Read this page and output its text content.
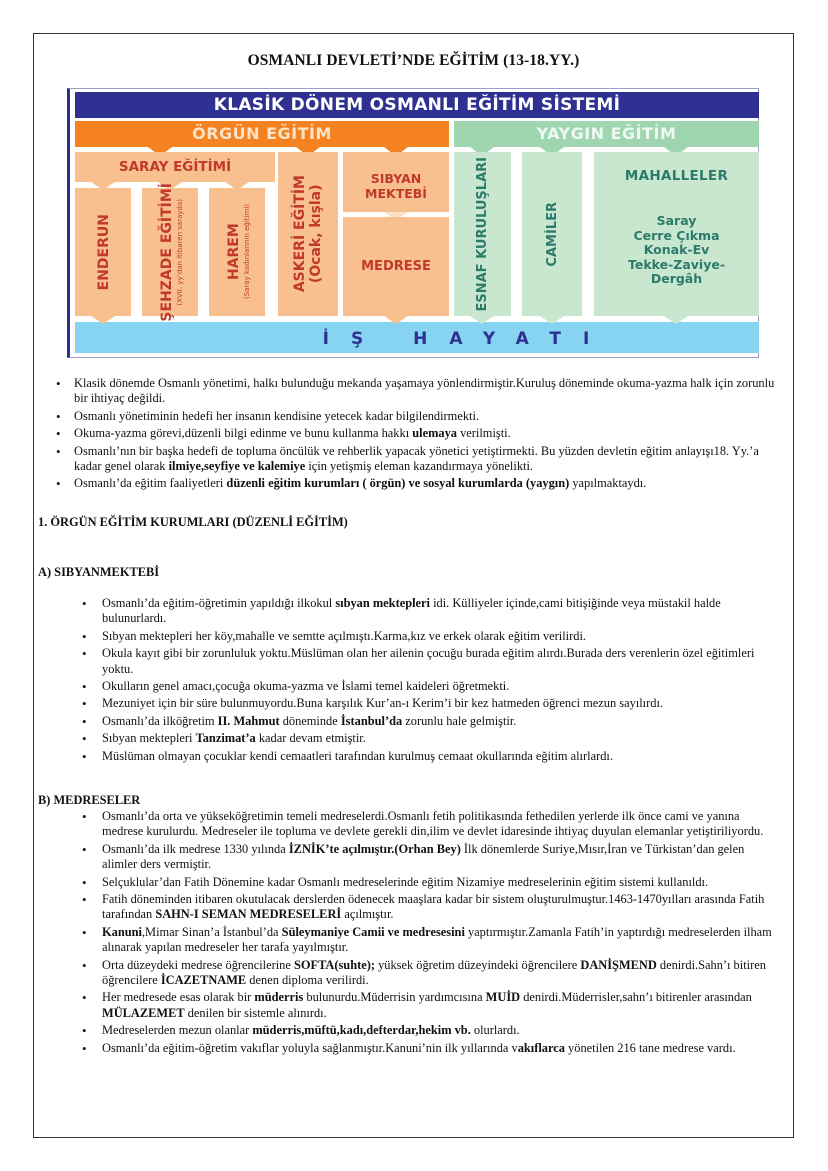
OSMANLI DEVLETİ’NDE EĞİTİM (13-18.YY.)
KLASİK DÖNEM OSMANLI EĞİTİM SİSTEMİ
ÖRGÜN EĞİTİM	YAYGIN EĞİTİM
SARAY EĞİTİMİ
ENDERUN	ŞEHZADE EĞİTİMİ (XVII. yy’dan itibaren sarayda)	HAREM (Saray kadınlarının eğitimi)	ASKERİ EĞİTİM
(Ocak, kışla)
SIBYAN
MEKTEBİ
MEDRESE	ESNAF KURULUŞLARI	CAMİLER
MAHALLELER
Saray
Cerre Çıkma
Konak-Ev
Tekke-Zaviye-
Dergâh
İŞ HAYATI
• Klasik dönemde Osmanlı yönetimi, halkı bulunduğu mekanda yaşamaya yönlendirmiştir.Kuruluş döneminde okuma-yazma halk için zorunlu bir ihtiyaç değildi.
• Osmanlı yönetiminin hedefi her insanın kendisine yetecek kadar bilgilendirmekti.
• Okuma-yazma görevi,düzenli bilgi edinme ve bunu kullanma hakkı ulemaya verilmişti.
• Osmanlı’nın bir başka hedefi de topluma öncülük ve rehberlik yapacak yönetici yetiştirmekti. Bu yüzden devletin eğitim anlayışı18. Yy.’a kadar genel olarak ilmiye,seyfiye ve kalemiye için yetişmiş eleman kazandırmaya yönelikti.
• Osmanlı’da eğitim faaliyetleri düzenli eğitim kurumları ( örgün) ve sosyal kurumlarda (yaygın) yapılmaktaydı.
1. ÖRGÜN EĞİTİM KURUMLARI (DÜZENLİ EĞİTİM)
A) SIBYANMEKTEBİ
• Osmanlı’da eğitim-öğretimin yapıldığı ilkokul sıbyan mektepleri idi. Külliyeler içinde,cami bitişiğinde veya müstakil halde bulunurlardı.
• Sıbyan mektepleri her köy,mahalle ve semtte açılmıştı.Karma,kız ve erkek olarak eğitim verilirdi.
• Okula kayıt gibi bir zorunluluk yoktu.Müslüman olan her ailenin çocuğu burada eğitim alırdı.Burada ders verenlerin özel eğitimleri yoktu.
• Okulların genel amacı,çocuğa okuma-yazma ve İslami temel kaideleri öğretmekti.
• Mezuniyet için bir süre bulunmuyordu.Buna karşılık Kur’an-ı Kerim’i bir kez hatmeden öğrenci mezun sayılırdı.
• Osmanlı’da ilköğretim II. Mahmut döneminde İstanbul’da zorunlu hale gelmiştir.
• Sıbyan mektepleri Tanzimat’a kadar devam etmiştir.
• Müslüman olmayan çocuklar kendi cemaatleri tarafından kurulmuş cemaat okullarında eğitim alırlardı.
B) MEDRESELER
• Osmanlı’da orta ve yükseköğretimin temeli medreselerdi.Osmanlı fetih politikasında fethedilen yerlerde ilk önce cami ve yanına medrese kurulurdu. Medreseler ile topluma ve devlete gerekli din,ilim ve devlet idaresinde ihtiyaç duyulan elemanlar yetiştiriliyordu.
• Osmanlı’da ilk medrese 1330 yılında İZNİK’te açılmıştır.(Orhan Bey) İlk dönemlerde Suriye,Mısır,İran ve Türkistan’dan gelen alimler ders vermiştir.
• Selçuklular’dan Fatih Dönemine kadar Osmanlı medreselerinde eğitim Nizamiye medreselerinin eğitim sistemi kullanıldı.
• Fatih döneminden itibaren okutulacak derslerden ödenecek maaşlara kadar bir sistem oluşturulmuştur.1463-1470yılları arasında Fatih tarafından SAHN-I SEMAN MEDRESELERİ açılmıştır.
• Kanuni,Mimar Sinan’a İstanbul’da Süleymaniye Camii ve medresesini yaptırmıştır.Zamanla Fatih’in yaptırdığı medreselerden ilham alınarak yapılan medreseler her tarafa yayılmıştır.
• Orta düzeydeki medrese öğrencilerine SOFTA(suhte); yüksek öğretim düzeyindeki öğrencilere DANİŞMEND denirdi.Sahn’ı bitiren öğrencilere İCAZETNAME denen diploma verilirdi.
• Her medresede esas olarak bir müderris bulunurdu.Müderrisin yardımcısına MUİD denirdi.Müderrisler,sahn’ı bitirenler arasından MÜLAZEMET denilen bir sistemle alınırdı.
• Medreselerden mezun olanlar müderris,müftü,kadı,defterdar,hekim vb. olurlardı.
• Osmanlı’da eğitim-öğretim vakıflar yoluyla sağlanmıştır.Kanuni’nin ilk yıllarında vakıflarca yönetilen 216 tane medrese vardı.
